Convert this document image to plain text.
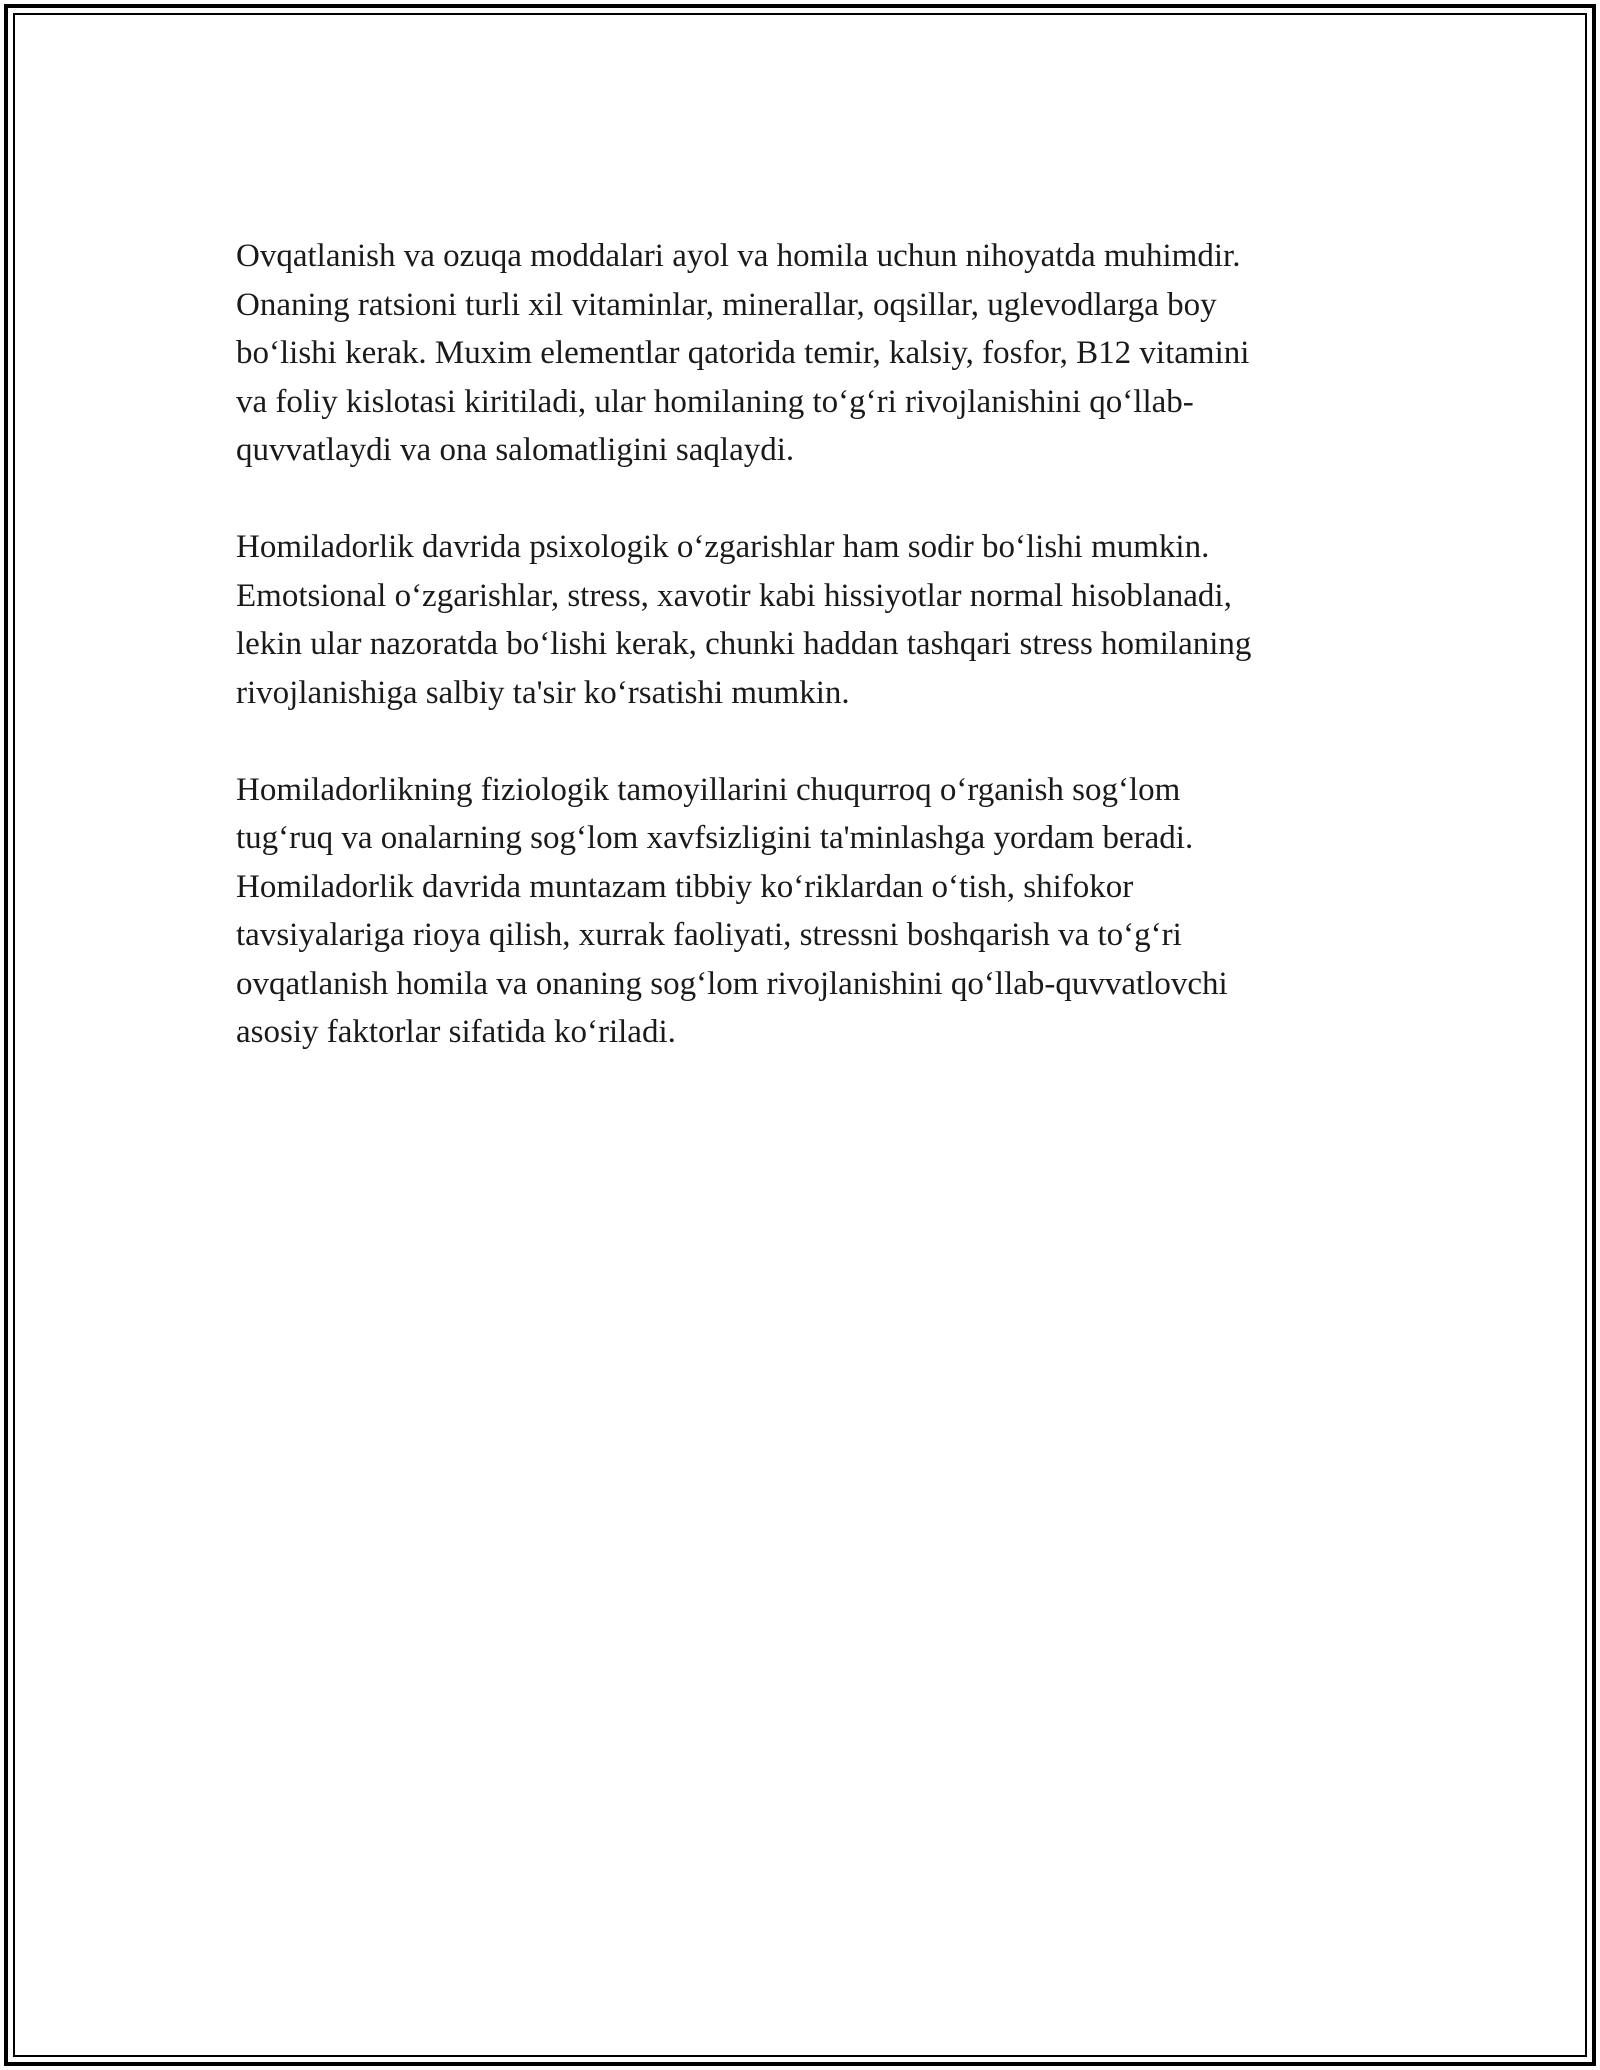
Ovqatlanish va ozuqa moddalari ayol va homila uchun nihoyatda muhimdir.
Onaning ratsioni turli xil vitaminlar, minerallar, oqsillar, uglevodlarga boy
bo‘lishi kerak. Muxim elementlar qatorida temir, kalsiy, fosfor, B12 vitamini
va foliy kislotasi kiritiladi, ular homilaning to‘g‘ri rivojlanishini qo‘llab-
quvvatlaydi va ona salomatligini saqlaydi.

Homiladorlik davrida psixologik o‘zgarishlar ham sodir bo‘lishi mumkin.
Emotsional o‘zgarishlar, stress, xavotir kabi hissiyotlar normal hisoblanadi,
lekin ular nazoratda bo‘lishi kerak, chunki haddan tashqari stress homilaning
rivojlanishiga salbiy ta'sir ko‘rsatishi mumkin.

Homiladorlikning fiziologik tamoyillarini chuqurroq o‘rganish sog‘lom
tug‘ruq va onalarning sog‘lom xavfsizligini ta'minlashga yordam beradi.
Homiladorlik davrida muntazam tibbiy ko‘riklardan o‘tish, shifokor
tavsiyalariga rioya qilish, xurrak faoliyati, stressni boshqarish va to‘g‘ri
ovqatlanish homila va onaning sog‘lom rivojlanishini qo‘llab-quvvatlovchi
asosiy faktorlar sifatida ko‘riladi.
